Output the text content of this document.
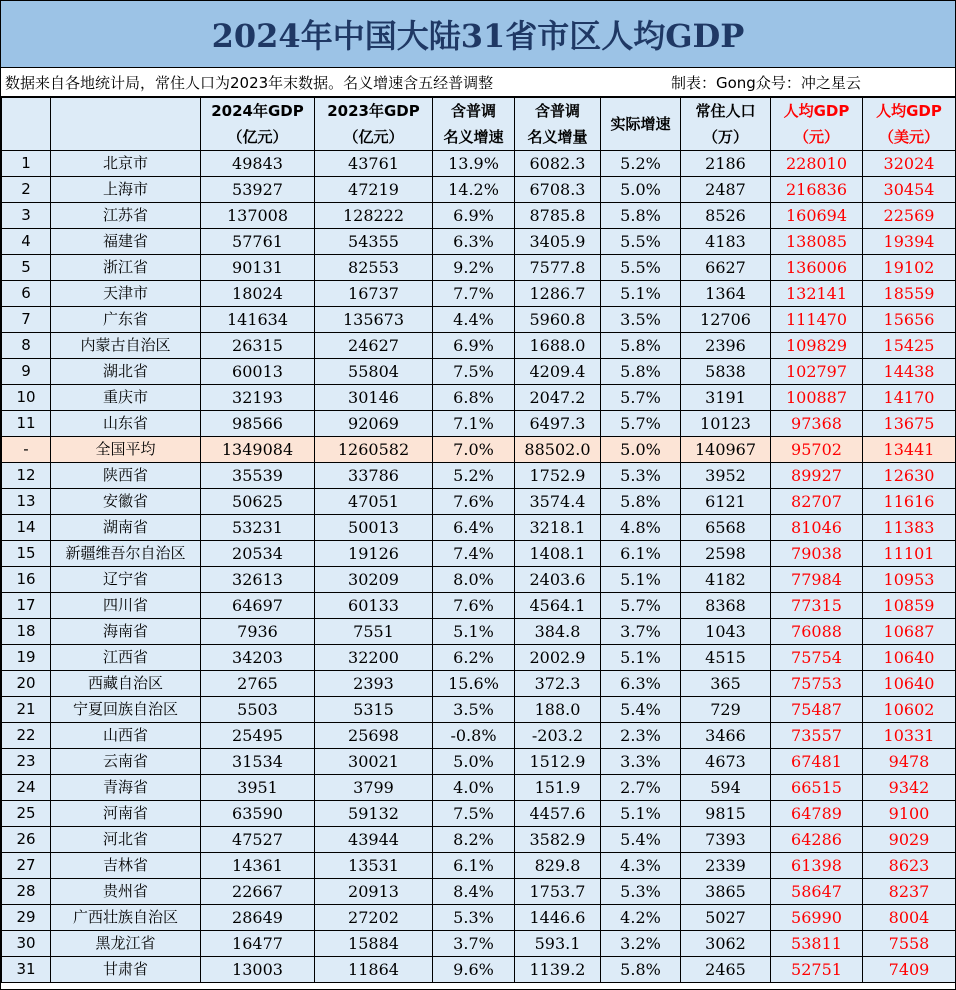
2024年中国大陆31省市区人均GDP
数据来自各地统计局，常住人口为2023年末数据。名义增速含五经普调整	制表：Gong众号：冲之星云
		2024年GDP	2023年GDP	含普调	含普调	实际增速	常住人口	人均GDP	人均GDP
		（亿元）	（亿元）	名义增速	名义增量		（万）	（元）	（美元）
1	北京市	49843	43761	13.9%	6082.3	5.2%	2186	228010	32024
2	上海市	53927	47219	14.2%	6708.3	5.0%	2487	216836	30454
3	江苏省	137008	128222	6.9%	8785.8	5.8%	8526	160694	22569
4	福建省	57761	54355	6.3%	3405.9	5.5%	4183	138085	19394
5	浙江省	90131	82553	9.2%	7577.8	5.5%	6627	136006	19102
6	天津市	18024	16737	7.7%	1286.7	5.1%	1364	132141	18559
7	广东省	141634	135673	4.4%	5960.8	3.5%	12706	111470	15656
8	内蒙古自治区	26315	24627	6.9%	1688.0	5.8%	2396	109829	15425
9	湖北省	60013	55804	7.5%	4209.4	5.8%	5838	102797	14438
10	重庆市	32193	30146	6.8%	2047.2	5.7%	3191	100887	14170
11	山东省	98566	92069	7.1%	6497.3	5.7%	10123	97368	13675
-	全国平均	1349084	1260582	7.0%	88502.0	5.0%	140967	95702	13441
12	陕西省	35539	33786	5.2%	1752.9	5.3%	3952	89927	12630
13	安徽省	50625	47051	7.6%	3574.4	5.8%	6121	82707	11616
14	湖南省	53231	50013	6.4%	3218.1	4.8%	6568	81046	11383
15	新疆维吾尔自治区	20534	19126	7.4%	1408.1	6.1%	2598	79038	11101
16	辽宁省	32613	30209	8.0%	2403.6	5.1%	4182	77984	10953
17	四川省	64697	60133	7.6%	4564.1	5.7%	8368	77315	10859
18	海南省	7936	7551	5.1%	384.8	3.7%	1043	76088	10687
19	江西省	34203	32200	6.2%	2002.9	5.1%	4515	75754	10640
20	西藏自治区	2765	2393	15.6%	372.3	6.3%	365	75753	10640
21	宁夏回族自治区	5503	5315	3.5%	188.0	5.4%	729	75487	10602
22	山西省	25495	25698	-0.8%	-203.2	2.3%	3466	73557	10331
23	云南省	31534	30021	5.0%	1512.9	3.3%	4673	67481	9478
24	青海省	3951	3799	4.0%	151.9	2.7%	594	66515	9342
25	河南省	63590	59132	7.5%	4457.6	5.1%	9815	64789	9100
26	河北省	47527	43944	8.2%	3582.9	5.4%	7393	64286	9029
27	吉林省	14361	13531	6.1%	829.8	4.3%	2339	61398	8623
28	贵州省	22667	20913	8.4%	1753.7	5.3%	3865	58647	8237
29	广西壮族自治区	28649	27202	5.3%	1446.6	4.2%	5027	56990	8004
30	黑龙江省	16477	15884	3.7%	593.1	3.2%	3062	53811	7558
31	甘肃省	13003	11864	9.6%	1139.2	5.8%	2465	52751	7409
